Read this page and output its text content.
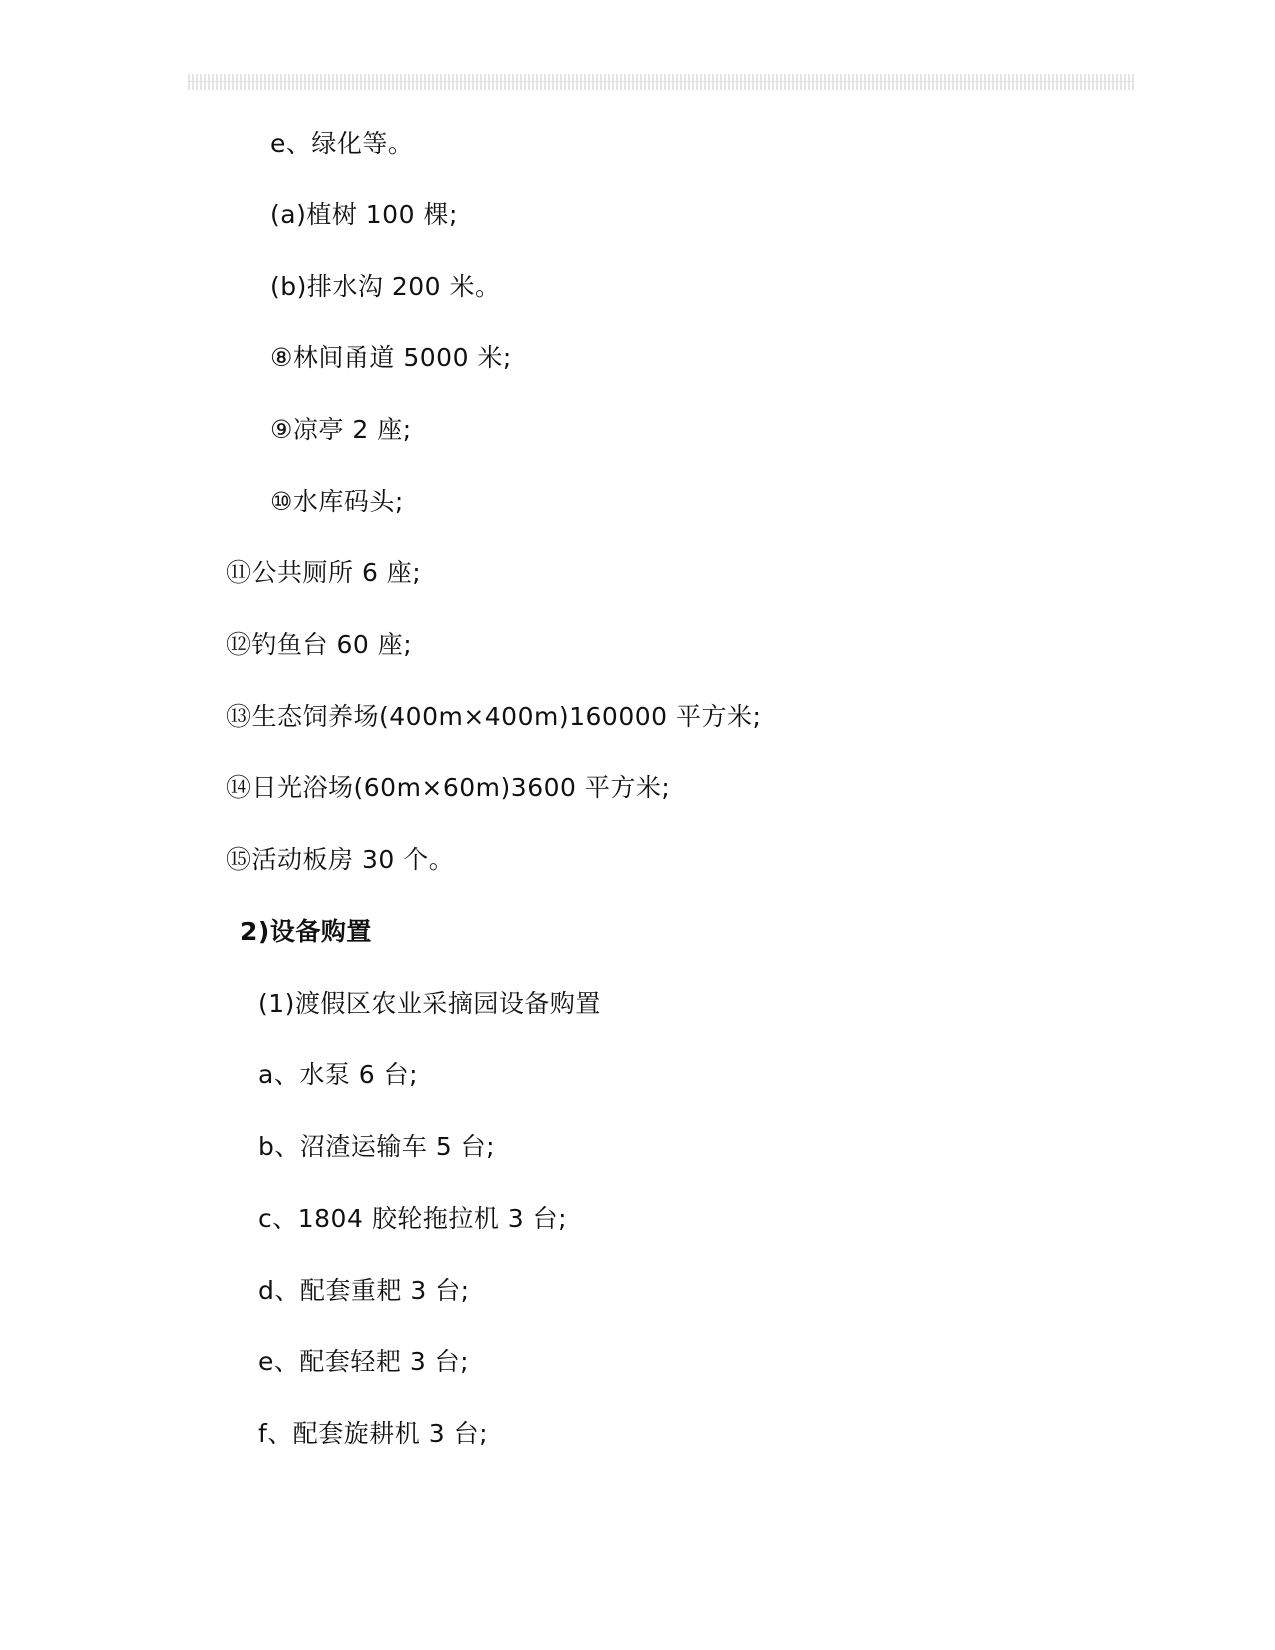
e、绿化等。
(a)植树 100 棵;
(b)排水沟 200 米。
⑧林间甬道 5000 米;
⑨凉亭 2 座;
⑩水库码头;
⑪公共厕所 6 座;
⑫钓鱼台 60 座;
⑬生态饲养场(400m×400m)160000 平方米;
⑭日光浴场(60m×60m)3600 平方米;
⑮活动板房 30 个。
2)设备购置
(1)渡假区农业采摘园设备购置
a、水泵 6 台;
b、沼渣运输车 5 台;
c、1804 胶轮拖拉机 3 台;
d、配套重耙 3 台;
e、配套轻耙 3 台;
f、配套旋耕机 3 台;
